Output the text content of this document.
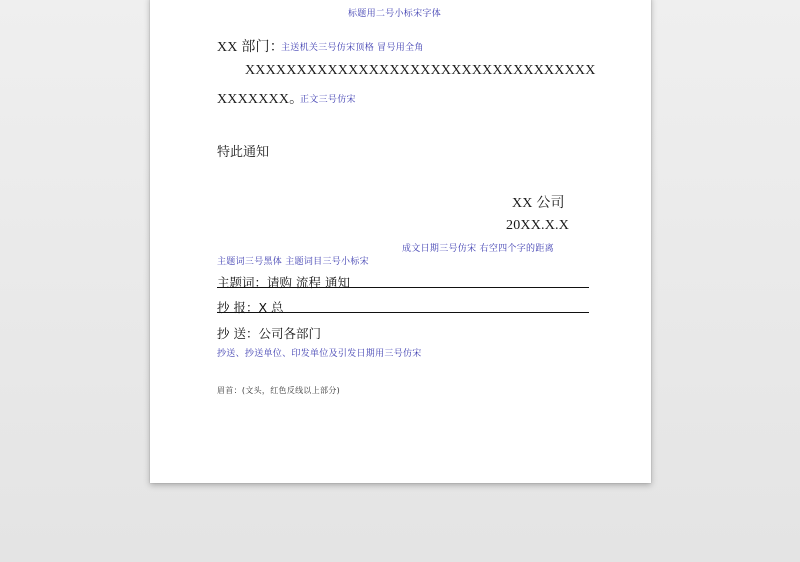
标题用二号小标宋字体
XX 部门：
主送机关三号仿宋顶格 冒号用全角
XXXXXXXXXXXXXXXXXXXXXXXXXXXXXXXXXX
XXXXXXX。
正文三号仿宋
特此通知
XX 公司
20XX.X.X
成文日期三号仿宋 右空四个字的距离
主题词三号黑体 主题词目三号小标宋
主题词：请购 流程 通知
抄 报：X 总
抄 送：公司各部门
抄送、抄送单位、印发单位及引发日期用三号仿宋
眉首：(文头，红色反线以上部分)
